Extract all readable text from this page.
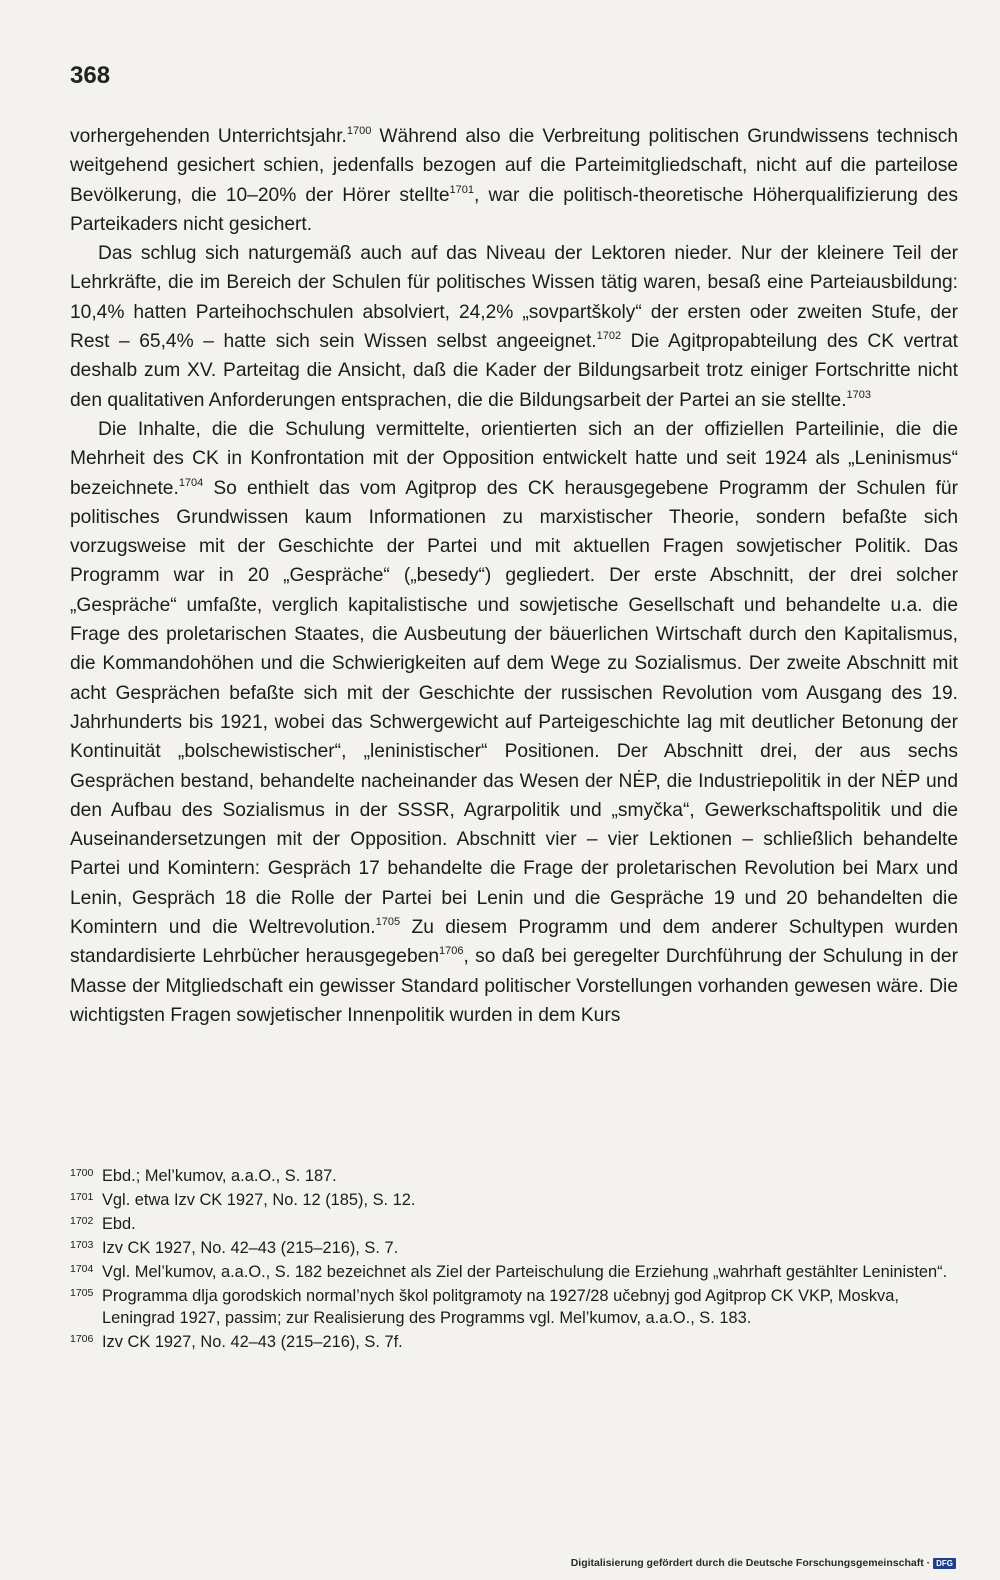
368

vorhergehenden Unterrichtsjahr.$^{1700}$ Während also die Verbreitung politischen Grundwissens technisch weitgehend gesichert schien, jedenfalls bezogen auf die Parteimitgliedschaft, nicht auf die parteilose Bevölkerung, die 10–20% der Hörer stellte$^{1701}$, war die politisch-theoretische Höherqualifizierung des Parteikaders nicht gesichert.

Das schlug sich naturgemäß auch auf das Niveau der Lektoren nieder. Nur der kleinere Teil der Lehrkräfte, die im Bereich der Schulen für politisches Wissen tätig waren, besaß eine Parteiausbildung: 10,4% hatten Parteihochschulen absolviert, 24,2% „sovpartškoly“ der ersten oder zweiten Stufe, der Rest – 65,4% – hatte sich sein Wissen selbst angeeignet.$^{1702}$ Die Agitpropabteilung des CK vertrat deshalb zum XV. Parteitag die Ansicht, daß die Kader der Bildungsarbeit trotz einiger Fortschritte nicht den qualitativen Anforderungen entsprachen, die die Bildungsarbeit der Partei an sie stellte.$^{1703}$

Die Inhalte, die die Schulung vermittelte, orientierten sich an der offiziellen Parteilinie, die die Mehrheit des CK in Konfrontation mit der Opposition entwickelt hatte und seit 1924 als „Leninismus“ bezeichnete.$^{1704}$ So enthielt das vom Agitprop des CK herausgegebene Programm der Schulen für politisches Grundwissen kaum Informationen zu marxistischer Theorie, sondern befaßte sich vorzugsweise mit der Geschichte der Partei und mit aktuellen Fragen sowjetischer Politik. Das Programm war in 20 „Gespräche“ („besedy“) gegliedert. Der erste Abschnitt, der drei solcher „Gespräche“ umfaßte, verglich kapitalistische und sowjetische Gesellschaft und behandelte u.a. die Frage des proletarischen Staates, die Ausbeutung der bäuerlichen Wirtschaft durch den Kapitalismus, die Kommandohöhen und die Schwierigkeiten auf dem Wege zu Sozialismus. Der zweite Abschnitt mit acht Gesprächen befaßte sich mit der Geschichte der russischen Revolution vom Ausgang des 19. Jahrhunderts bis 1921, wobei das Schwergewicht auf Parteigeschichte lag mit deutlicher Betonung der Kontinuität „bolschewistischer“, „leninistischer“ Positionen. Der Abschnitt drei, der aus sechs Gesprächen bestand, behandelte nacheinander das Wesen der NĖP, die Industriepolitik in der NĖP und den Aufbau des Sozialismus in der SSSR, Agrarpolitik und „smyčka“, Gewerkschaftspolitik und die Auseinandersetzungen mit der Opposition. Abschnitt vier – vier Lektionen – schließlich behandelte Partei und Komintern: Gespräch 17 behandelte die Frage der proletarischen Revolution bei Marx und Lenin, Gespräch 18 die Rolle der Partei bei Lenin und die Gespräche 19 und 20 behandelten die Komintern und die Weltrevolution.$^{1705}$ Zu diesem Programm und dem anderer Schultypen wurden standardisierte Lehrbücher herausgegeben$^{1706}$, so daß bei geregelter Durchführung der Schulung in der Masse der Mitgliedschaft ein gewisser Standard politischer Vorstellungen vorhanden gewesen wäre. Die wichtigsten Fragen sowjetischer Innenpolitik wurden in dem Kurs

1700 Ebd.; Mel’kumov, a.a.O., S. 187.
1701 Vgl. etwa Izv CK 1927, No. 12 (185), S. 12.
1702 Ebd.
1703 Izv CK 1927, No. 42–43 (215–216), S. 7.
1704 Vgl. Mel’kumov, a.a.O., S. 182 bezeichnet als Ziel der Parteischulung die Erziehung „wahrhaft gestählter Leninisten“.
1705 Programma dlja gorodskich normal’nych škol politgramoty na 1927/28 učebnyj god Agitprop CK VKP, Moskva, Leningrad 1927, passim; zur Realisierung des Programms vgl. Mel’kumov, a.a.O., S. 183.
1706 Izv CK 1927, No. 42–43 (215–216), S. 7f.
Digitalisierung gefördert durch die Deutsche Forschungsgemeinschaft · DFG
